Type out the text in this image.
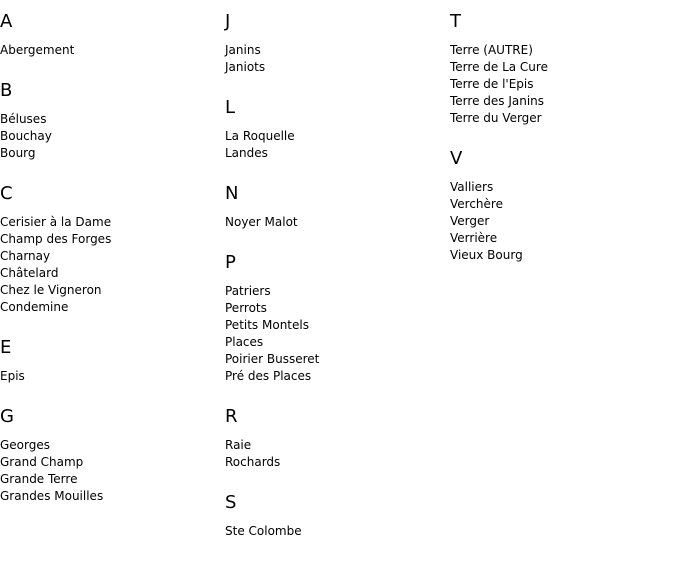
A
Abergement
B
Béluses
Bouchay
Bourg
C
Cerisier à la Dame
Champ des Forges
Charnay
Châtelard
Chez le Vigneron
Condemine
E
Epis
G
Georges
Grand Champ
Grande Terre
Grandes Mouilles
J
Janins
Janiots
L
La Roquelle
Landes
N
Noyer Malot
P
Patriers
Perrots
Petits Montels
Places
Poirier Busseret
Pré des Places
R
Raie
Rochards
S
Ste Colombe
T
Terre (AUTRE)
Terre de La Cure
Terre de l'Epis
Terre des Janins
Terre du Verger
V
Valliers
Verchère
Verger
Verrière
Vieux Bourg
